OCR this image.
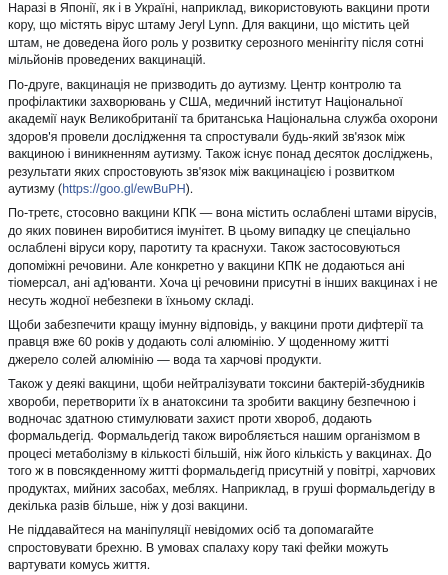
Наразі в Японії, як і в Україні, наприклад, використовують вакцини проти кору, що містять вірус штаму Jeryl Lynn. Для вакцини, що містить цей штам, не доведена його роль у розвитку серозного менінгіту після сотні мільйонів проведених вакцинацій.

По-друге, вакцинація не призводить до аутизму. Центр контролю та профілактики захворювань у США, медичний інститут Національної академії наук Великобританії та британська Національна служба охорони здоров'я провели дослідження та спростували будь-який зв'язок між вакциною і виникненням аутизму. Також існує понад десяток досліджень, результати яких спростовують зв'язок між вакцинацією і розвитком аутизму (https://goo.gl/ewBuPH).

По-третє, стосовно вакцини КПК — вона містить ослаблені штами вірусів, до яких повинен виробитися імунітет. В цьому випадку це спеціально ослаблені віруси кору, паротиту та краснухи. Також застосовуються допоміжні речовини. Але конкретно у вакцини КПК не додаються ані тіомерсал, ані ад'юванти. Хоча ці речовини присутні в інших вакцинах і не несуть жодної небезпеки в їхньому складі.

Щоби забезпечити кращу імунну відповідь, у вакцини проти дифтерії та правця вже 60 років у додають солі алюмінію. У щоденному житті джерело солей алюмінію — вода та харчові продукти.

Також у деякі вакцини, щоби нейтралізувати токсини бактерій-збудників хвороби, перетворити їх в анатоксини та зробити вакцину безпечною і водночас здатною стимулювати захист проти хвороб, додають формальдегід. Формальдегід також виробляється нашим організмом в процесі метаболізму в кількості більшій, ніж його кількість у вакцинах. До того ж в повсякденному житті формальдегід присутній у повітрі, харчових продуктах, мийних засобах, меблях. Наприклад, в груші формальдегіду в декілька разів більше, ніж у дозі вакцини.

Не піддавайтеся на маніпуляції невідомих осіб та допомагайте спростовувати брехню. В умовах спалаху кору такі фейки можуть вартувати комусь життя.
